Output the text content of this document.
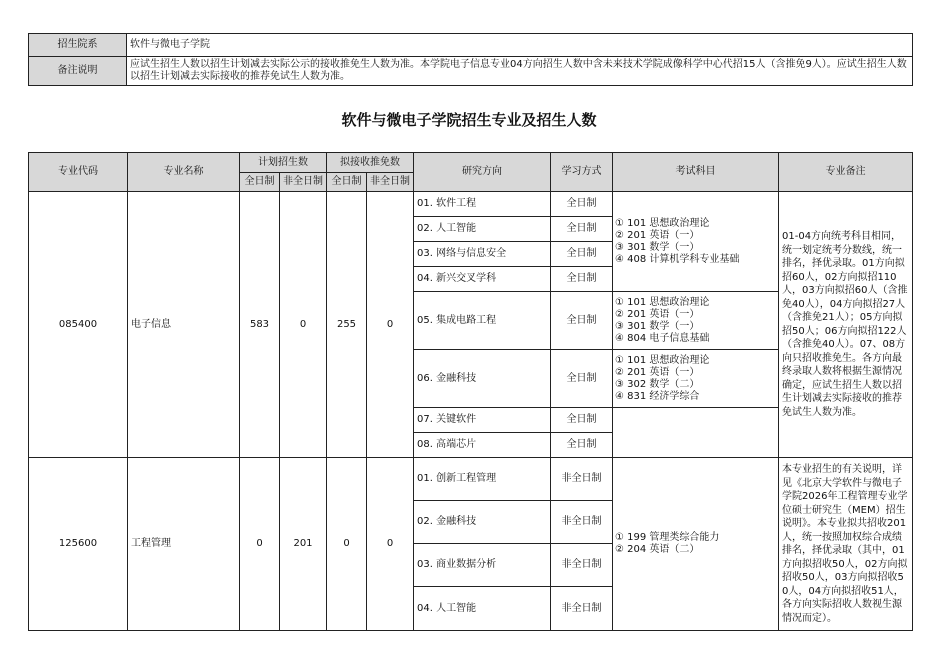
招生院系	软件与微电子学院
备注说明	应试生招生人数以招生计划减去实际公示的接收推免生人数为准。本学院电子信息专业04方向招生人数中含未来技术学院成像科学中心代招15人（含推免9人）。应试生招生人数以招生计划减去实际接收的推荐免试生人数为准。
软件与微电子学院招生专业及招生人数
专业代码	专业名称	计划招生数		拟接收推免数		研究方向	学习方式	考试科目	专业备注
		全日制	非全日制	全日制	非全日制				
085400	电子信息	583	0	255	0	01. 软件工程	全日制	① 101 思想政治理论
② 201 英语（一）
③ 301 数学（一）
④ 408 计算机学科专业基础	01-04方向统考科目相同，统一划定统考分数线，统一排名，择优录取。01方向拟招60人，02方向拟招110人，03方向拟招60人（含推免40人），04方向拟招27人（含推免21人）；05方向拟招50人；06方向拟招122人（含推免40人）。07、08方向只招收推免生。各方向最终录取人数将根据生源情况确定，应试生招生人数以招生计划减去实际接收的推荐免试生人数为准。
						02. 人工智能	全日制		
						03. 网络与信息安全	全日制		
						04. 新兴交叉学科	全日制		
						05. 集成电路工程	全日制	① 101 思想政治理论
② 201 英语（一）
③ 301 数学（一）
④ 804 电子信息基础	

						06. 金融科技	全日制	① 101 思想政治理论
② 201 英语（一）
③ 302 数学（二）
④ 831 经济学综合	

						07. 关键软件	全日制		
						08. 高端芯片	全日制		
125600	工程管理	0	201	0	0	01. 创新工程管理	非全日制	① 199 管理类综合能力
② 204 英语（二）	本专业招生的有关说明，详见《北京大学软件与微电子学院2026年工程管理专业学位硕士研究生（MEM）招生说明》。本专业拟共招收201人，统一按照加权综合成绩排名，择优录取（其中，01方向拟招收50人，02方向拟招收50人，03方向拟招收50人，04方向拟招收51人，各方向实际招收人数视生源情况而定）。
						02. 金融科技	非全日制		
						03. 商业数据分析	非全日制		
						04. 人工智能	非全日制		
